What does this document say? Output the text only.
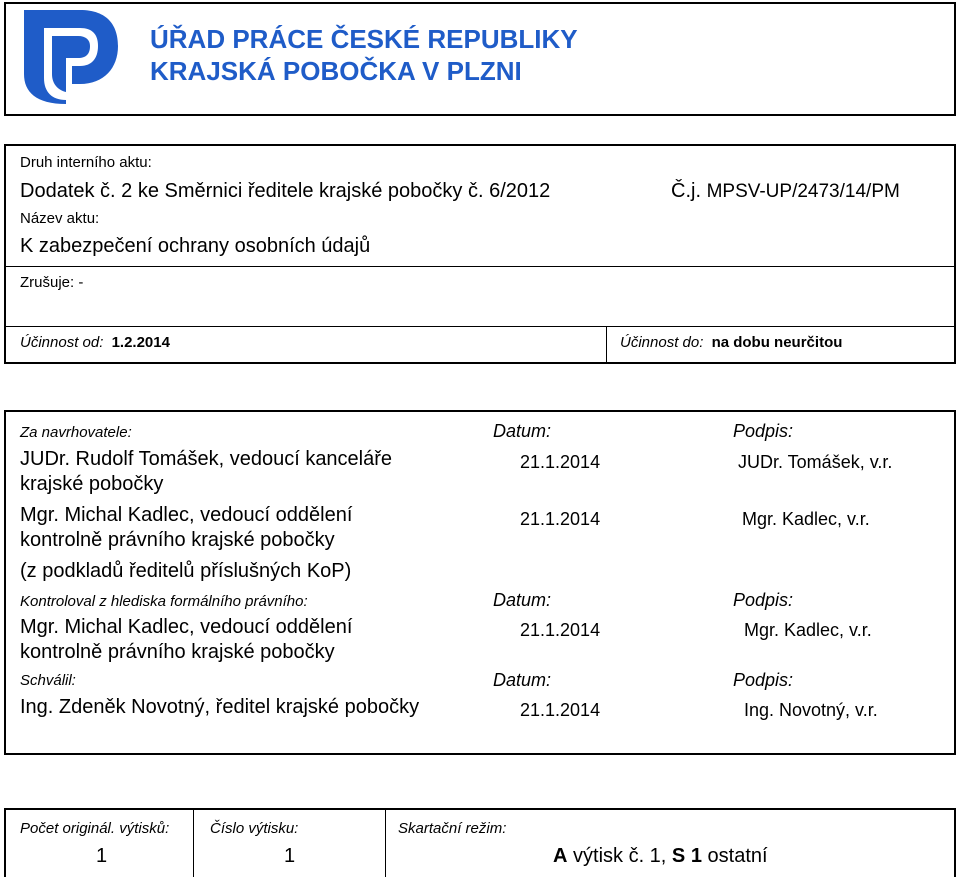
ÚŘAD PRÁCE ČESKÉ REPUBLIKY
KRAJSKÁ POBOČKA V PLZNI
Druh interního aktu:
Dodatek č. 2 ke Směrnici ředitele krajské pobočky č. 6/2012	Č.j. MPSV-UP/2473/14/PM
Název aktu:
K zabezpečení ochrany osobních údajů
Zrušuje: -
Účinnost od: 1.2.2014	Účinnost do: na dobu neurčitou
Za navrhovatele:	Datum:	Podpis:
JUDr. Rudolf Tomášek, vedoucí kanceláře
krajské pobočky
21.1.2014	JUDr. Tomášek, v.r.
Mgr. Michal Kadlec, vedoucí oddělení
kontrolně právního krajské pobočky
21.1.2014	Mgr. Kadlec, v.r.
(z podkladů ředitelů příslušných KoP)
Kontroloval z hlediska formálního právního:	Datum:	Podpis:
Mgr. Michal Kadlec, vedoucí oddělení
kontrolně právního krajské pobočky
21.1.2014	Mgr. Kadlec, v.r.
Schválil:	Datum:	Podpis:
Ing. Zdeněk Novotný, ředitel krajské pobočky	21.1.2014	Ing. Novotný, v.r.
Počet originál. výtisků:
1
Číslo výtisku:
1
Skartační režim:
A výtisk č. 1, S 1 ostatní
